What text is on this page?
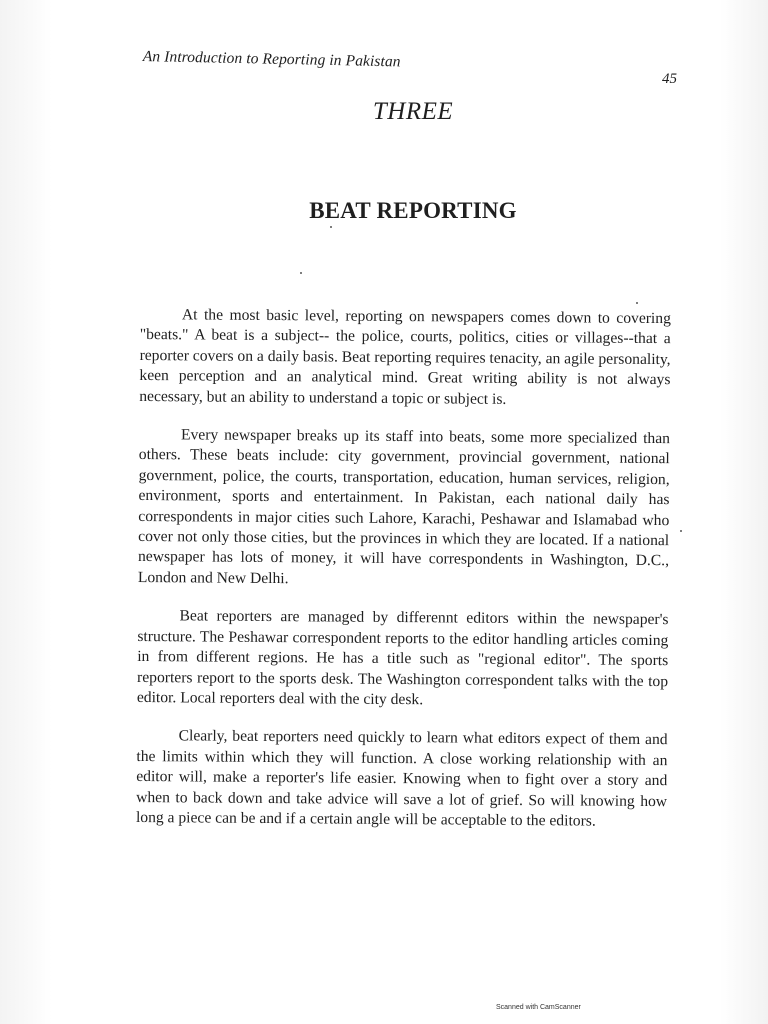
An Introduction to Reporting in Pakistan
45
THREE
BEAT REPORTING

At the most basic level, reporting on newspapers comes down to covering "beats." A beat is a subject-- the police, courts, politics, cities or villages--that a reporter covers on a daily basis. Beat reporting requires tenacity, an agile personality, keen perception and an analytical mind. Great writing ability is not always necessary, but an ability to understand a topic or subject is.

Every newspaper breaks up its staff into beats, some more specialized than others. These beats include: city government, provincial government, national government, police, the courts, transportation, education, human services, religion, environment, sports and entertainment. In Pakistan, each national daily has correspondents in major cities such Lahore, Karachi, Peshawar and Islamabad who cover not only those cities, but the provinces in which they are located. If a national newspaper has lots of money, it will have correspondents in Washington, D.C., London and New Delhi.

Beat reporters are managed by differennt editors within the newspaper's structure. The Peshawar correspondent reports to the editor handling articles coming in from different regions. He has a title such as "regional editor". The sports reporters report to the sports desk. The Washington correspondent talks with the top editor. Local reporters deal with the city desk.

Clearly, beat reporters need quickly to learn what editors expect of them and the limits within which they will function. A close working relationship with an editor will, make a reporter's life easier. Knowing when to fight over a story and when to back down and take advice will save a lot of grief. So will knowing how long a piece can be and if a certain angle will be acceptable to the editors.

Scanned with CamScanner
